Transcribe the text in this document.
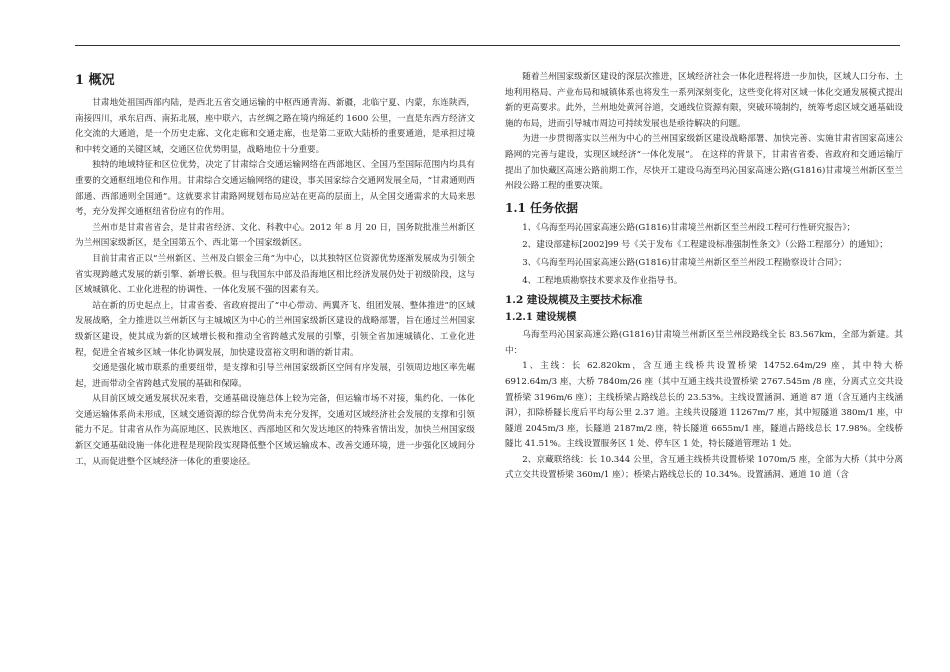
1 概况

甘肃地处祖国西部内陆，是西北五省交通运输的中枢西通青海、新疆，北临宁夏、内蒙，东连陕西，南接四川，承东启西、南拓北展，座中联六，古丝绸之路在境内绵延约 1600 公里，一直是东西方经济文化交流的大通道，是一个历史走廊、文化走廊和交通走廊，也是第二亚欧大陆桥的重要通道，是承担过境和中转交通的关键区域，交通区位优势明显，战略地位十分重要。

独特的地域特征和区位优势，决定了甘肃综合交通运输网络在西部地区、全国乃至国际范围内均具有重要的交通枢纽地位和作用。甘肃综合交通运输网络的建设，事关国家综合交通网发展全局，“甘肃通则西部通、西部通则全国通”。这就要求甘肃路网规划布局应站在更高的层面上，从全国交通需求的大局来思考，充分发挥交通枢纽省份应有的作用。

兰州市是甘肃省省会，是甘肃省经济、文化、科教中心。2012 年 8 月 20 日，国务院批准兰州新区为兰州国家级新区，是全国第五个、西北第一个国家级新区。

目前甘肃省正以“兰州新区、兰州及白银金三角”为中心，以其独特区位资源优势逐渐发展成为引领全省实现跨越式发展的新引擎、新增长极。但与我国东中部及沿海地区相比经济发展仍处于初级阶段，这与区域城镇化、工业化进程的协调性、一体化发展不强的因素有关。

站在新的历史起点上，甘肃省委、省政府提出了“中心带动、两翼齐飞、组团发展、整体推进”的区域发展战略，全力推进以兰州新区与主城城区为中心的兰州国家级新区建设的战略部署，旨在通过兰州国家级新区建设，使其成为新的区域增长极和推动全省跨越式发展的引擎，引领全省加速城镇化、工业化进程，促进全省城乡区域一体化协调发展，加快建设富裕文明和谐的新甘肃。

交通是强化城市联系的重要纽带，是支撑和引导兰州国家级新区空间有序发展，引领周边地区率先崛起，进而带动全省跨越式发展的基础和保障。

从目前区域交通发展状况来看，交通基础设施总体上较为完备，但运输市场不对接，集约化、一体化交通运输体系尚未形成，区域交通资源的综合优势尚未充分发挥，交通对区域经济社会发展的支撑和引领能力不足。甘肃省从作为高原地区、民族地区、西部地区和欠发达地区的特殊省情出发，加快兰州国家级新区交通基础设施一体化进程是现阶段实现降低整个区域运输成本、改善交通环境，进一步强化区域间分工，从而促进整个区域经济一体化的重要途径。

随着兰州国家级新区建设的深层次推进，区域经济社会一体化进程将进一步加快，区域人口分布、土地利用格局、产业布局和城镇体系也将发生一系列深刻变化，这些变化将对区域一体化交通发展模式提出新的更高要求。此外，兰州地处黄河谷道，交通线位资源有限，突破环境制约，统筹考虑区域交通基础设施的布局，进而引导城市周边可持续发展也是亟待解决的问题。

为进一步贯彻落实以兰州为中心的兰州国家级新区建设战略部署、加快完善、实施甘肃省国家高速公路网的完善与建设，实现区域经济“一体化发展”。 在这样的背景下，甘肃省省委、省政府和交通运输厅提出了加快藏区高速公路前期工作，尽快开工建设乌海至玛沁国家高速公路(G1816)甘肃境兰州新区至兰州段公路工程的重要决策。

1.1 任务依据

1、《乌海至玛沁国家高速公路(G1816)甘肃境兰州新区至兰州段工程可行性研究报告》；

2、建设部建标[2002]99 号《关于发布《工程建设标准强制性条文》（公路工程部分）的通知》；

3、《乌海至玛沁国家高速公路(G1816)甘肃境兰州新区至兰州段工程勘察设计合同》；

4、工程地质勘察技术要求及作业指导书。

1.2 建设规模及主要技术标准
1.2.1 建设规模

乌海至玛沁国家高速公路(G1816)甘肃境兰州新区至兰州段路线全长 83.567km，全部为新建。其中：

1、主线：长 62.820km，含互通主线桥共设置桥梁 14752.64m/29 座，其中特大桥 6912.64m/3 座，大桥 7840m/26 座（其中互通主线共设置桥梁 2767.545m /8 座，分离式立交共设置桥梁 3196m/6 座）；主线桥梁占路线总长的 23.53%。主线设置涵洞、通道 87 道（含互通内主线涵洞），扣除桥隧长度后平均每公里 2.37 道。主线共设隧道 11267m/7 座，其中短隧道 380m/1 座，中隧道 2045m/3 座，长隧道 2187m/2 座，特长隧道 6655m/1 座，隧道占路线总长 17.98%。全线桥隧比 41.51%。主线设置服务区 1 处、停车区 1 处，特长隧道管理站 1 处。

2、京藏联络线：长 10.344 公里，含互通主线桥共设置桥梁 1070m/5 座，全部为大桥（其中分离式立交共设置桥梁 360m/1 座）；桥梁占路线总长的 10.34%。设置涵洞、通道 10 道（含
